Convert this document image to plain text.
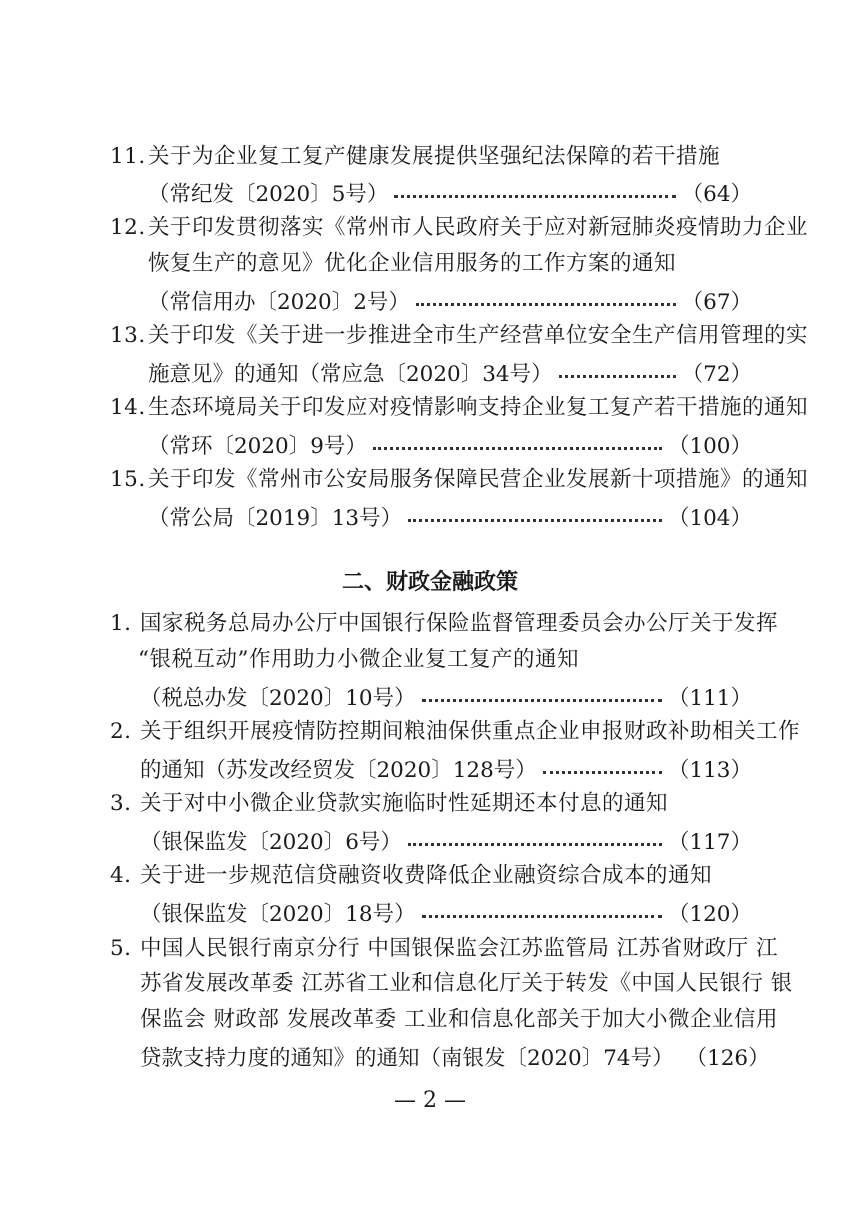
11. 关于为企业复工复产健康发展提供坚强纪法保障的若干措施
（常纪发〔2020〕5号）	（64）
12. 关于印发贯彻落实《常州市人民政府关于应对新冠肺炎疫情助力企业
恢复生产的意见》优化企业信用服务的工作方案的通知
（常信用办〔2020〕2号）	（67）
13. 关于印发《关于进一步推进全市生产经营单位安全生产信用管理的实
施意见》的通知（常应急〔2020〕34号）	（72）
14. 生态环境局关于印发应对疫情影响支持企业复工复产若干措施的通知
（常环〔2020〕9号）	（100）
15. 关于印发《常州市公安局服务保障民营企业发展新十项措施》的通知
（常公局〔2019〕13号）	（104）
二、财政金融政策
1. 国家税务总局办公厅中国银行保险监督管理委员会办公厅关于发挥
“银税互动”作用助力小微企业复工复产的通知
（税总办发〔2020〕10号）	（111）
2. 关于组织开展疫情防控期间粮油保供重点企业申报财政补助相关工作
的通知（苏发改经贸发〔2020〕128号）	（113）
3. 关于对中小微企业贷款实施临时性延期还本付息的通知
（银保监发〔2020〕6号）	（117）
4. 关于进一步规范信贷融资收费降低企业融资综合成本的通知
（银保监发〔2020〕18号）	（120）
5. 中国人民银行南京分行 中国银保监会江苏监管局 江苏省财政厅 江
苏省发展改革委 江苏省工业和信息化厅关于转发《中国人民银行 银
保监会 财政部 发展改革委 工业和信息化部关于加大小微企业信用
贷款支持力度的通知》的通知（南银发〔2020〕74号） （126）
— 2 —
